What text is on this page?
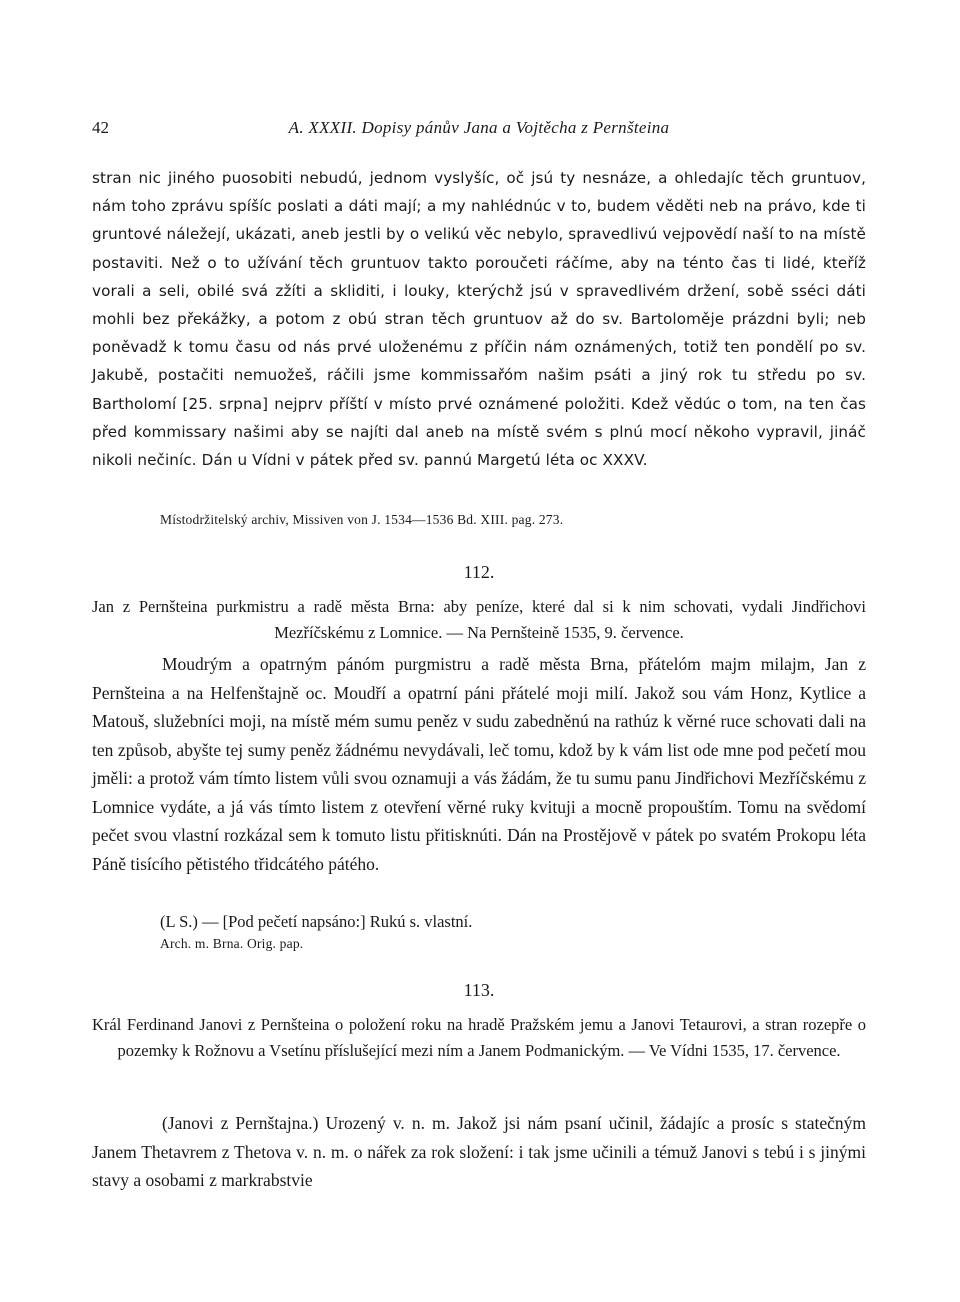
42	A. XXXII. Dopisy pánův Jana a Vojtěcha z Pernšteina

stran nic jiného puosobiti nebudú, jednom vyslyšíc, oč jsú ty nesnáze, a ohledajíc těch gruntuov, nám toho zprávu spíšíc poslati a dáti mají; a my nahlédnúc v to, budem věděti neb na právo, kde ti gruntové náležejí, ukázati, aneb jestli by o velikú věc nebylo, spravedlivú vejpovědí naší to na místě postaviti. Než o to užívání těch gruntuov takto poroučeti ráčíme, aby na ténto čas ti lidé, kteříž vorali a seli, obilé svá zžíti a skliditi, i louky, kterýchž jsú v spravedlivém držení, sobě sséci dáti mohli bez překážky, a potom z obú stran těch gruntuov až do sv. Bartoloměje prázdni byli; neb poněvadž k tomu času od nás prvé uloženému z příčin nám oznámených, totiž ten pondělí po sv. Jakubě, postačiti nemuožeš, ráčili jsme kommissařóm našim psáti a jiný rok tu středu po sv. Bartholomí [25. srpna] nejprv příští v místo prvé oznámené položiti. Kdež vědúc o tom, na ten čas před kommissary našimi aby se najíti dal aneb na místě svém s plnú mocí někoho vypravil, jináč nikoli nečiníc. Dán u Vídni v pátek před sv. pannú Margetú léta oc XXXV.

Místodržitelský archiv, Missiven von J. 1534—1536 Bd. XIII. pag. 273.

112.

Jan z Pernšteina purkmistru a radě města Brna: aby peníze, které dal si k nim schovati, vydali Jindřichovi Mezříčskému z Lomnice. — Na Pernšteině 1535, 9. července.

Moudrým a opatrným pánóm purgmistru a radě města Brna, přátelóm majm milajm, Jan z Pernšteina a na Helfenštajně oc. Moudří a opatrní páni přátelé moji milí. Jakož sou vám Honz, Kytlice a Matouš, služebníci moji, na místě mém sumu peněz v sudu zabedněnú na rathúz k věrné ruce schovati dali na ten způsob, abyšte tej sumy peněz žádnému nevydávali, leč tomu, kdož by k vám list ode mne pod pečetí mou jměli: a protož vám tímto listem vůli svou oznamuji a vás žádám, že tu sumu panu Jindřichovi Mezříčskému z Lomnice vydáte, a já vás tímto listem z otevření věrné ruky kvituji a mocně propouštím. Tomu na svědomí pečet svou vlastní rozkázal sem k tomuto listu přitisknúti. Dán na Prostějově v pátek po svatém Prokopu léta Páně tisícího pětistého třidcátého pátého.

(L S.) — [Pod pečetí napsáno:] Rukú s. vlastní.

Arch. m. Brna. Orig. pap.

113.

Král Ferdinand Janovi z Pernšteina o položení roku na hradě Pražském jemu a Janovi Tetaurovi, a stran rozepře o pozemky k Rožnovu a Vsetínu příslušející mezi ním a Janem Podmanickým. — Ve Vídni 1535, 17. července.

(Janovi z Pernštajna.) Urozený v. n. m. Jakož jsi nám psaní učinil, žádajíc a prosíc s statečným Janem Thetavrem z Thetova v. n. m. o nářek za rok složení: i tak jsme učinili a témuž Janovi s tebú i s jinými stavy a osobami z markrabstvie
